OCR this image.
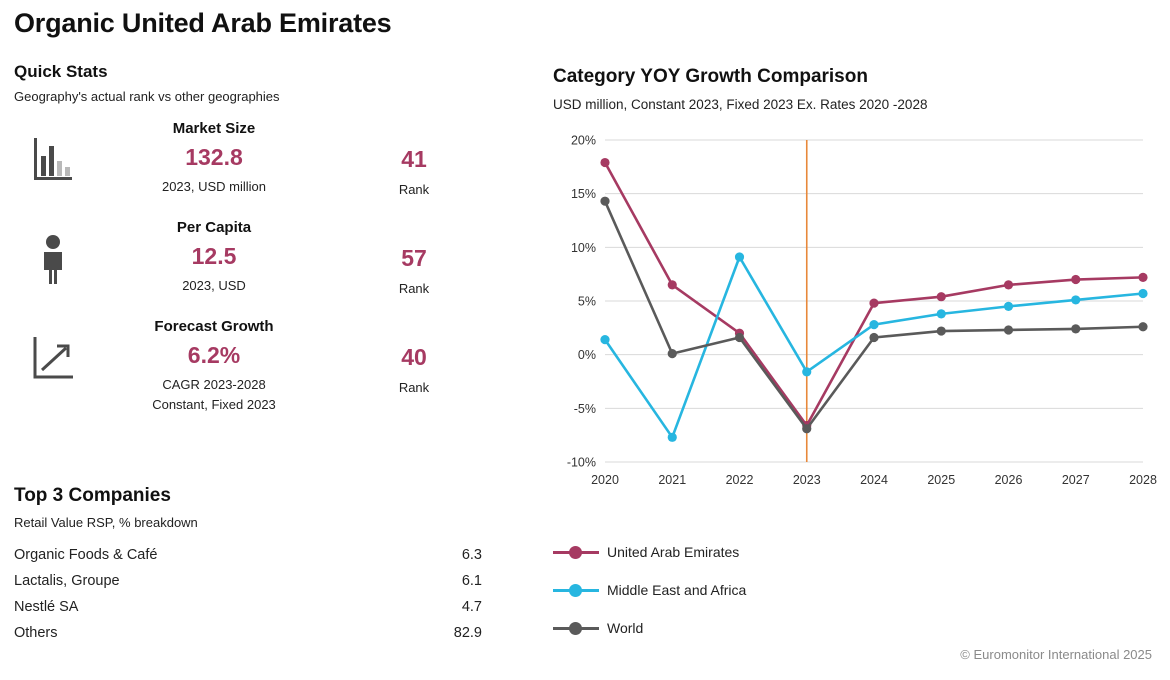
Organic United Arab Emirates
Quick Stats
Geography's actual rank vs other geographies
Market Size
132.8
2023, USD million
41
Rank
Per Capita
12.5
2023, USD
57
Rank
Forecast Growth
6.2%
CAGR 2023-2028
Constant, Fixed 2023
40
Rank
Top 3 Companies
Retail Value RSP, % breakdown
Organic Foods & Café	6.3
Lactalis, Groupe	6.1
Nestlé SA	4.7
Others	82.9
Category YOY Growth Comparison
USD million, Constant 2023, Fixed 2023 Ex. Rates 2020 -2028
-10%
-5%
0%
5%
10%
15%
20%
2020	2021	2022	2023	2024	2025	2026	2027	2028
United Arab Emirates
Middle East and Africa
World
© Euromonitor International 2025
